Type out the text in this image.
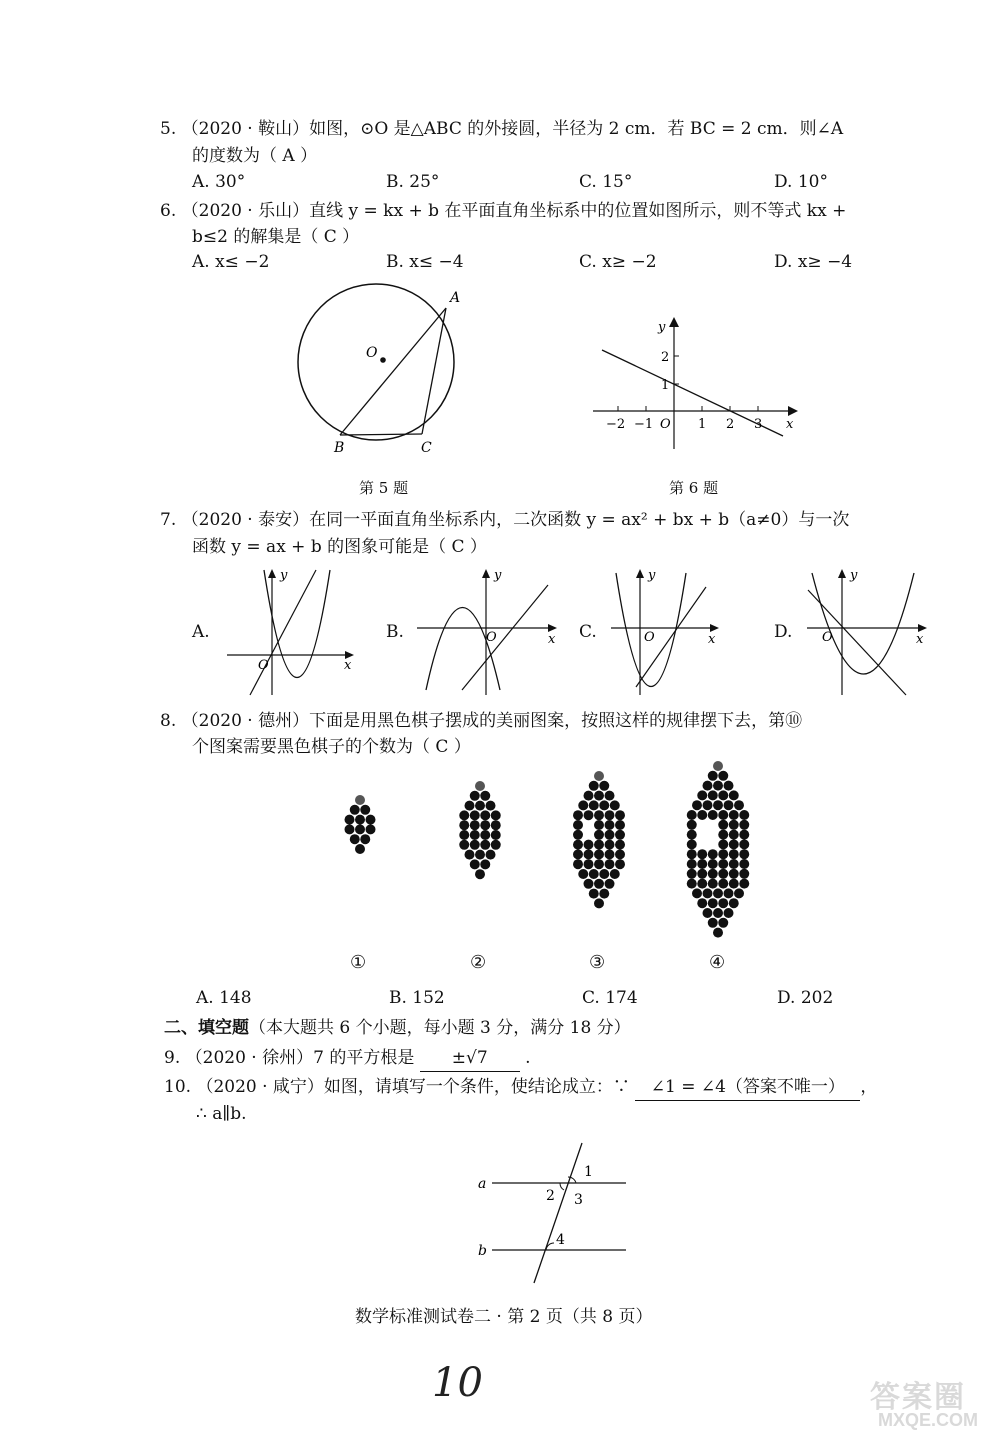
5. （2020 · 鞍山）如图，⊙O 是△ABC 的外接圆，半径为 2 cm．若 BC = 2 cm．则∠A
的度数为（ A ）
A. 30°	B. 25°	C. 15°	D. 10°
6. （2020 · 乐山）直线 y = kx + b 在平面直角坐标系中的位置如图所示，则不等式 kx +
b≤2 的解集是（ C ）
A. x≤ −2	B. x≤ −4	C. x≥ −2	D. x≥ −4
A
O
B	C
第 5 题
y
x
2
1
−2 −1 O 1 2 3
第 6 题
7. （2020 · 泰安）在同一平面直角坐标系内，二次函数 y = ax² + bx + b（a≠0）与一次
函数 y = ax + b 的图象可能是（ C ）
A.
x
y
O
B.	x
y
O	C.	x
y
O	D.	x
y
O
8. （2020 · 德州）下面是用黑色棋子摆成的美丽图案，按照这样的规律摆下去，第⑩
个图案需要黑色棋子的个数为（ C ）
①	②	③	④
A. 148	B. 152	C. 174	D. 202
二、填空题（本大题共 6 个小题，每小题 3 分，满分 18 分）
9. （2020 · 徐州）7 的平方根是 ±√7 .
10. （2020 · 咸宁）如图，请填写一个条件，使结论成立：∵ ∠1 = ∠4（答案不唯一） ，
∴ a∥b.
a
b
1
2 3
4
数学标准测试卷二 · 第 2 页（共 8 页）
10	答案圈
MXQE.COM
